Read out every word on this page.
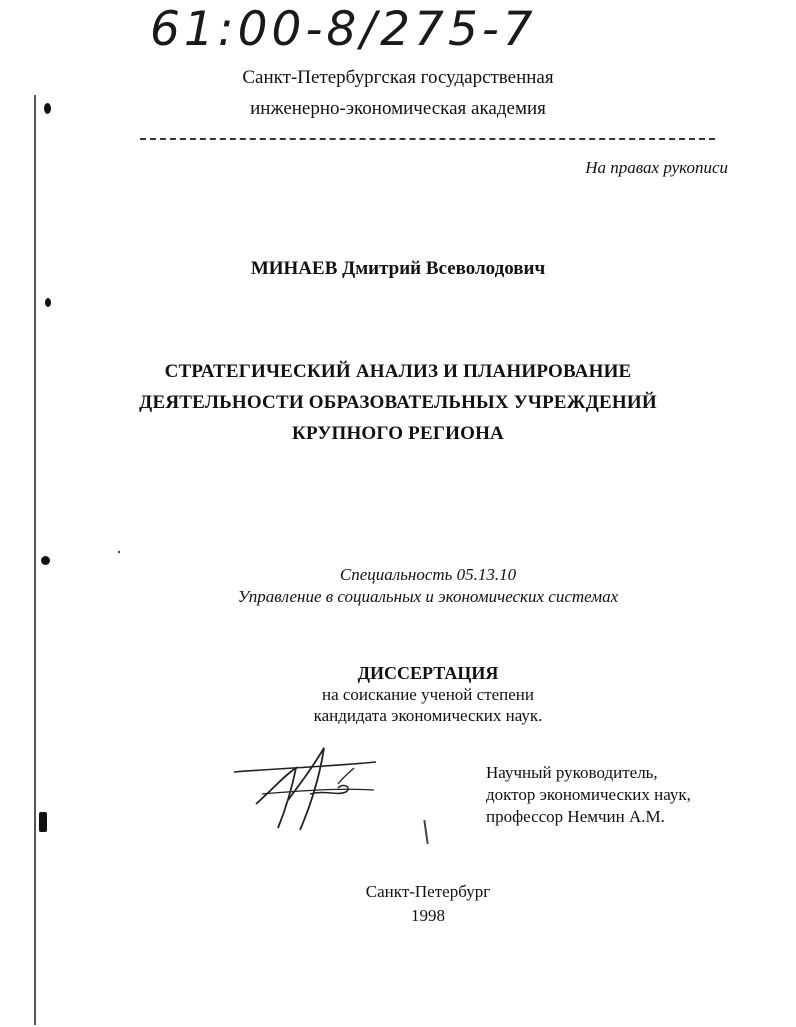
61:00-8/275-7
Санкт-Петербургская государственная
инженерно-экономическая академия
На правах рукописи
МИНАЕВ Дмитрий Всеволодович
СТРАТЕГИЧЕСКИЙ АНАЛИЗ И ПЛАНИРОВАНИЕ
ДЕЯТЕЛЬНОСТИ ОБРАЗОВАТЕЛЬНЫХ УЧРЕЖДЕНИЙ
КРУПНОГО РЕГИОНА
Специальность 05.13.10
Управление в социальных и экономических системах
ДИССЕРТАЦИЯ
на соискание ученой степени
кандидата экономических наук.
Научный руководитель,
доктор экономических наук,
профессор Немчин А.М.
Санкт-Петербург
1998
